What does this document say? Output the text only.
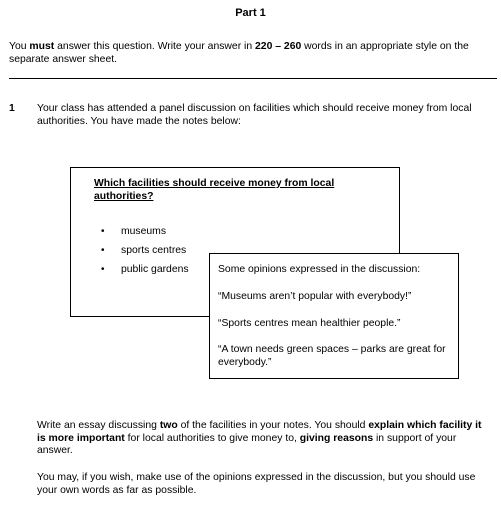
Part 1
You must answer this question. Write your answer in 220 – 260 words in an appropriate style on the separate answer sheet.
1 Your class has attended a panel discussion on facilities which should receive money from local authorities. You have made the notes below:
Which facilities should receive money from local authorities?
• museums
• sports centres
• public gardens	Some opinions expressed in the discussion:
“Museums aren’t popular with everybody!”
“Sports centres mean healthier people.”
“A town needs green spaces – parks are great for everybody.”
Write an essay discussing two of the facilities in your notes. You should explain which facility it is more important for local authorities to give money to, giving reasons in support of your answer.
You may, if you wish, make use of the opinions expressed in the discussion, but you should use your own words as far as possible.
